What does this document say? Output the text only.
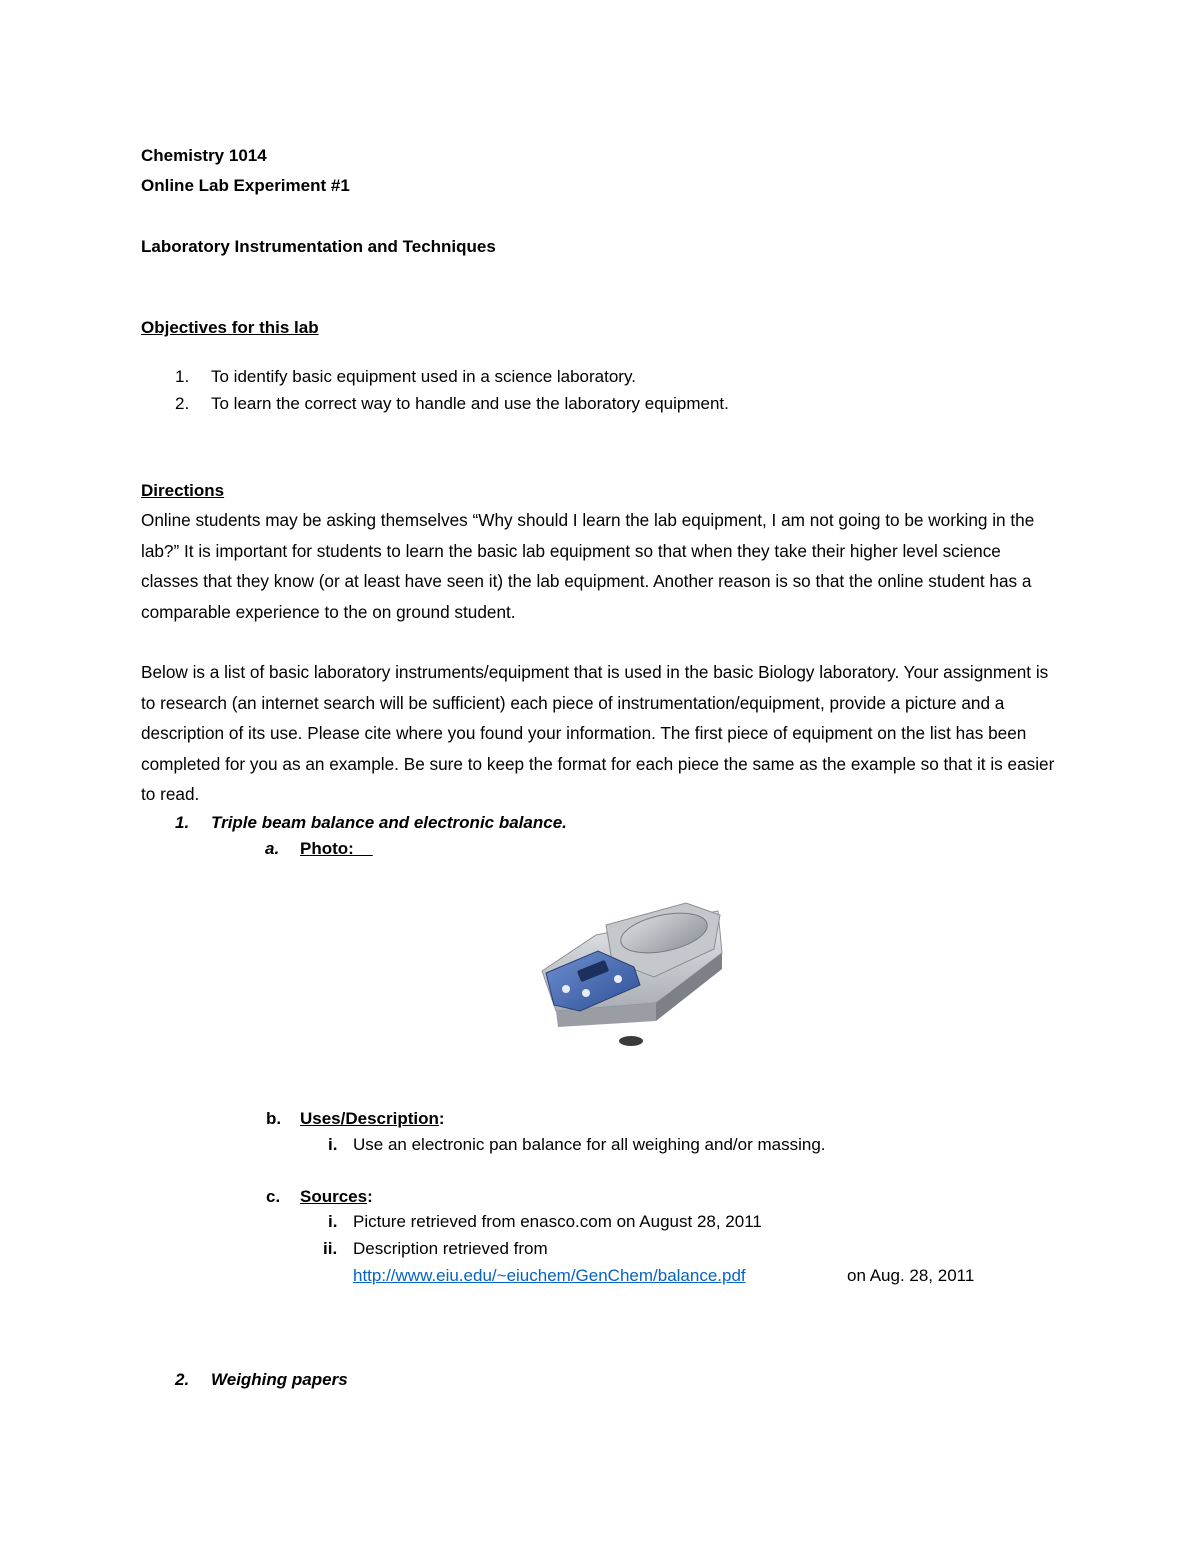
Chemistry 1014
Online Lab Experiment #1
Laboratory Instrumentation and Techniques
Objectives for this lab
1. To identify basic equipment used in a science laboratory.
2. To learn the correct way to handle and use the laboratory equipment.
Directions

Online students may be asking themselves “Why should I learn the lab equipment, I am not going to be working in the lab?” It is important for students to learn the basic lab equipment so that when they take their higher level science classes that they know (or at least have seen it) the lab equipment. Another reason is so that the online student has a comparable experience to the on ground student.

Below is a list of basic laboratory instruments/equipment that is used in the basic Biology laboratory. Your assignment is to research (an internet search will be sufficient) each piece of instrumentation/equipment, provide a picture and a description of its use. Please cite where you found your information. The first piece of equipment on the list has been completed for you as an example. Be sure to keep the format for each piece the same as the example so that it is easier to read.

1. Triple beam balance and electronic balance.
a. Photo:
b. Uses/Description:
i. Use an electronic pan balance for all weighing and/or massing.
c. Sources:
i. Picture retrieved from enasco.com on August 28, 2011
ii. Description retrieved from
http://www.eiu.edu/~eiuchem/GenChem/balance.pdf	on Aug. 28, 2011
2. Weighing papers
